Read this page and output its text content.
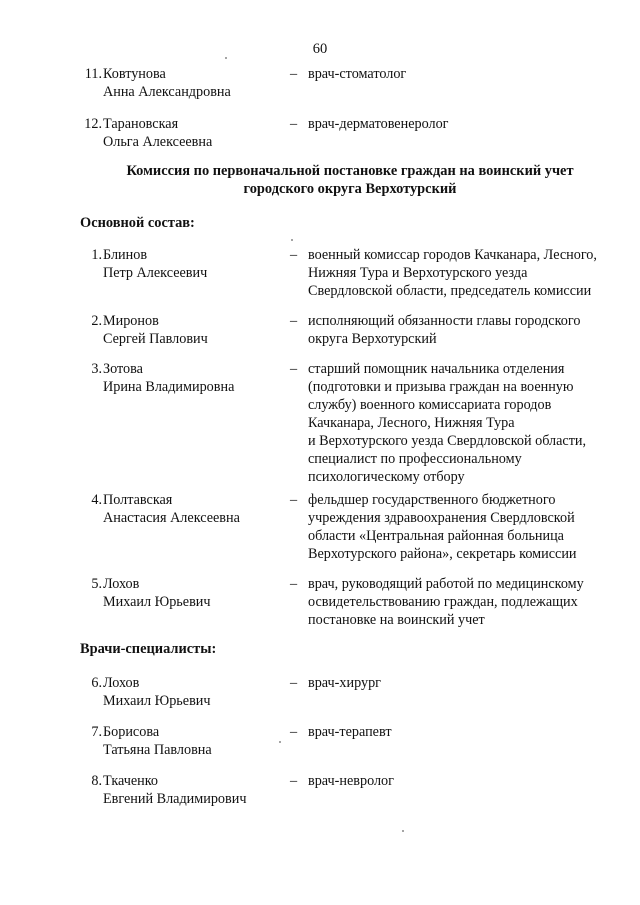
60
11. Ковтунова
Анна Александровна
– врач-стоматолог
12. Тарановская
Ольга Алексеевна
– врач-дерматовенеролог
Комиссия по первоначальной постановке граждан на воинский учет
городского округа Верхотурский
Основной состав:
1. Блинов
Петр Алексеевич
– военный комиссар городов Качканара, Лесного,
Нижняя Тура и Верхотурского уезда
Свердловской области, председатель комиссии
2. Миронов
Сергей Павлович
– исполняющий обязанности главы городского
округа Верхотурский
3. Зотова
Ирина Владимировна
– старший помощник начальника отделения
(подготовки и призыва граждан на военную
службу) военного комиссариата городов
Качканара, Лесного, Нижняя Тура
и Верхотурского уезда Свердловской области,
специалист по профессиональному
психологическому отбору
4. Полтавская
Анастасия Алексеевна
– фельдшер государственного бюджетного
учреждения здравоохранения Свердловской
области «Центральная районная больница
Верхотурского района», секретарь комиссии
5. Лохов
Михаил Юрьевич
– врач, руководящий работой по медицинскому
освидетельствованию граждан, подлежащих
постановке на воинский учет
Врачи-специалисты:
6. Лохов
Михаил Юрьевич
– врач-хирург
7. Борисова
Татьяна Павловна
– врач-терапевт
8. Ткаченко
Евгений Владимирович
– врач-невролог
